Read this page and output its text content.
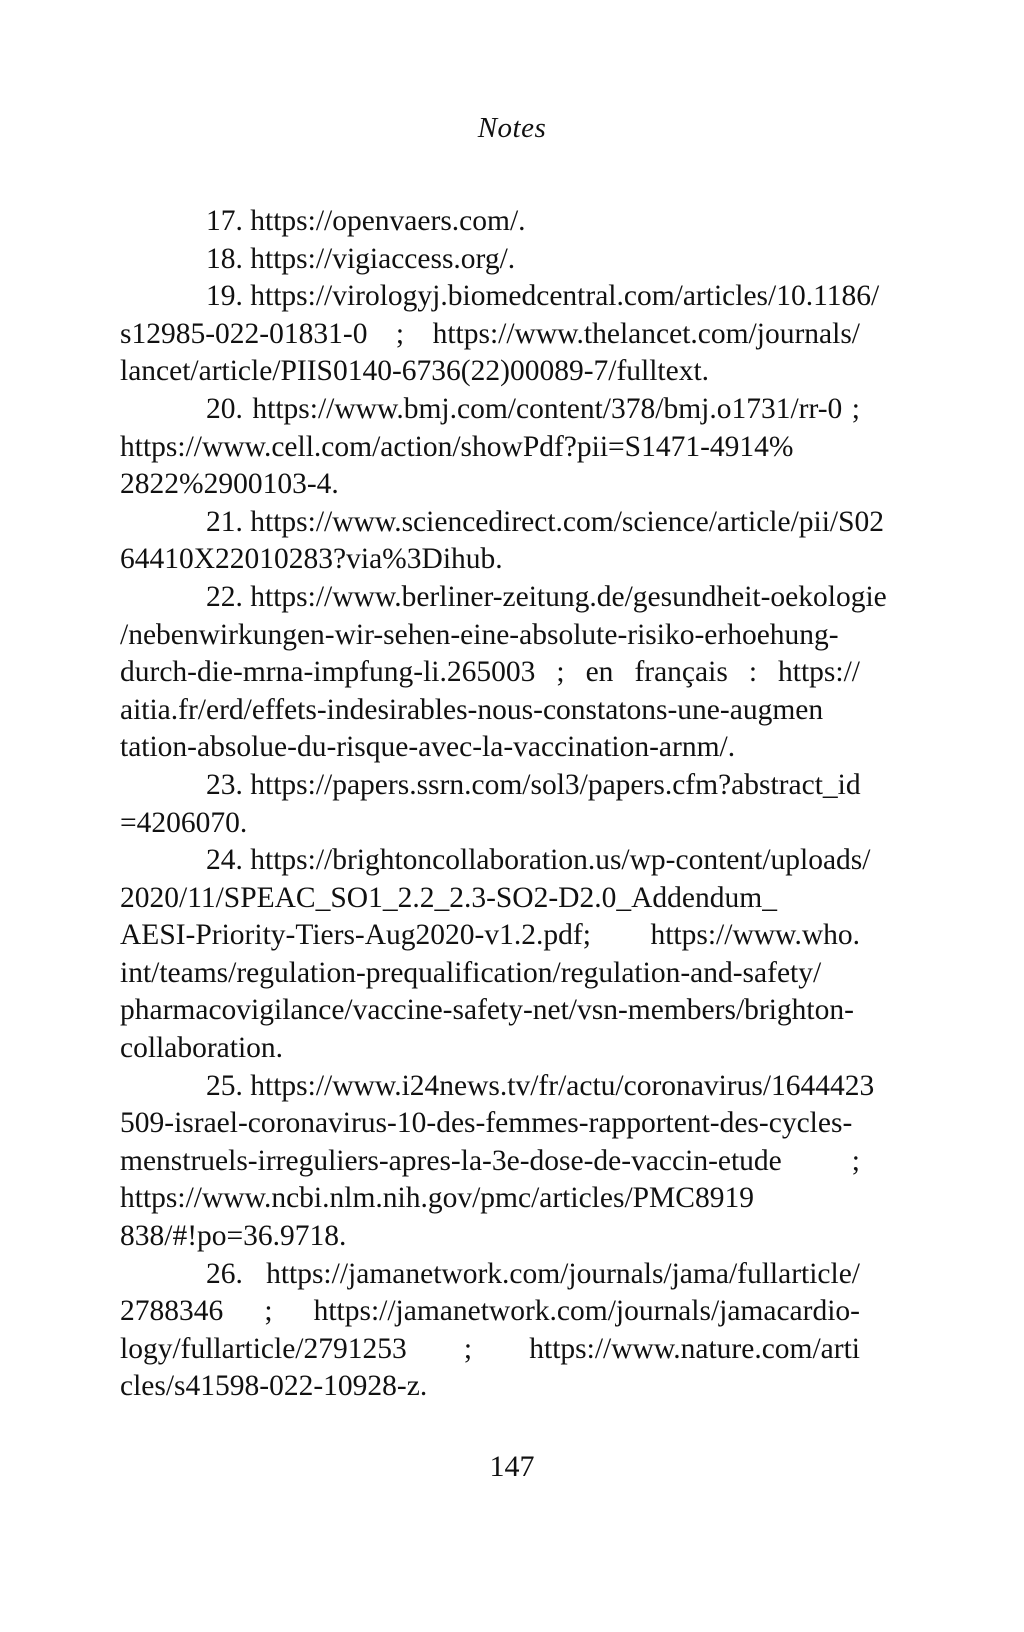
Notes
17. https://openvaers.com/.
18. https://vigiaccess.org/.
19. https://virologyj.biomedcentral.com/articles/10.1186/
s12985-022-01831-0 ; https://www.thelancet.com/journals/
lancet/article/PIIS0140-6736(22)00089-7/fulltext.
20. https://www.bmj.com/content/378/bmj.o1731/rr-0 ;
https://www.cell.com/action/showPdf?pii=S1471-4914%
2822%2900103-4.
21. https://www.sciencedirect.com/science/article/pii/S02
64410X22010283?via%3Dihub.
22. https://www.berliner-zeitung.de/gesundheit-oekologie
/nebenwirkungen-wir-sehen-eine-absolute-risiko-erhoehung-
durch-die-mrna-impfung-li.265003 ; en français : https://
aitia.fr/erd/effets-indesirables-nous-constatons-une-augmen
tation-absolue-du-risque-avec-la-vaccination-arnm/.
23. https://papers.ssrn.com/sol3/papers.cfm?abstract_id
=4206070.
24. https://brightoncollaboration.us/wp-content/uploads/
2020/11/SPEAC_SO1_2.2_2.3-SO2-D2.0_Addendum_
AESI-Priority-Tiers-Aug2020-v1.2.pdf; https://www.who.
int/teams/regulation-prequalification/regulation-and-safety/
pharmacovigilance/vaccine-safety-net/vsn-members/brighton-
collaboration.
25. https://www.i24news.tv/fr/actu/coronavirus/1644423
509-israel-coronavirus-10-des-femmes-rapportent-des-cycles-
menstruels-irreguliers-apres-la-3e-dose-de-vaccin-etude ;
https://www.ncbi.nlm.nih.gov/pmc/articles/PMC8919
838/#!po=36.9718.
26. https://jamanetwork.com/journals/jama/fullarticle/
2788346 ; https://jamanetwork.com/journals/jamacardio-
logy/fullarticle/2791253 ; https://www.nature.com/arti
cles/s41598-022-10928-z.
147
